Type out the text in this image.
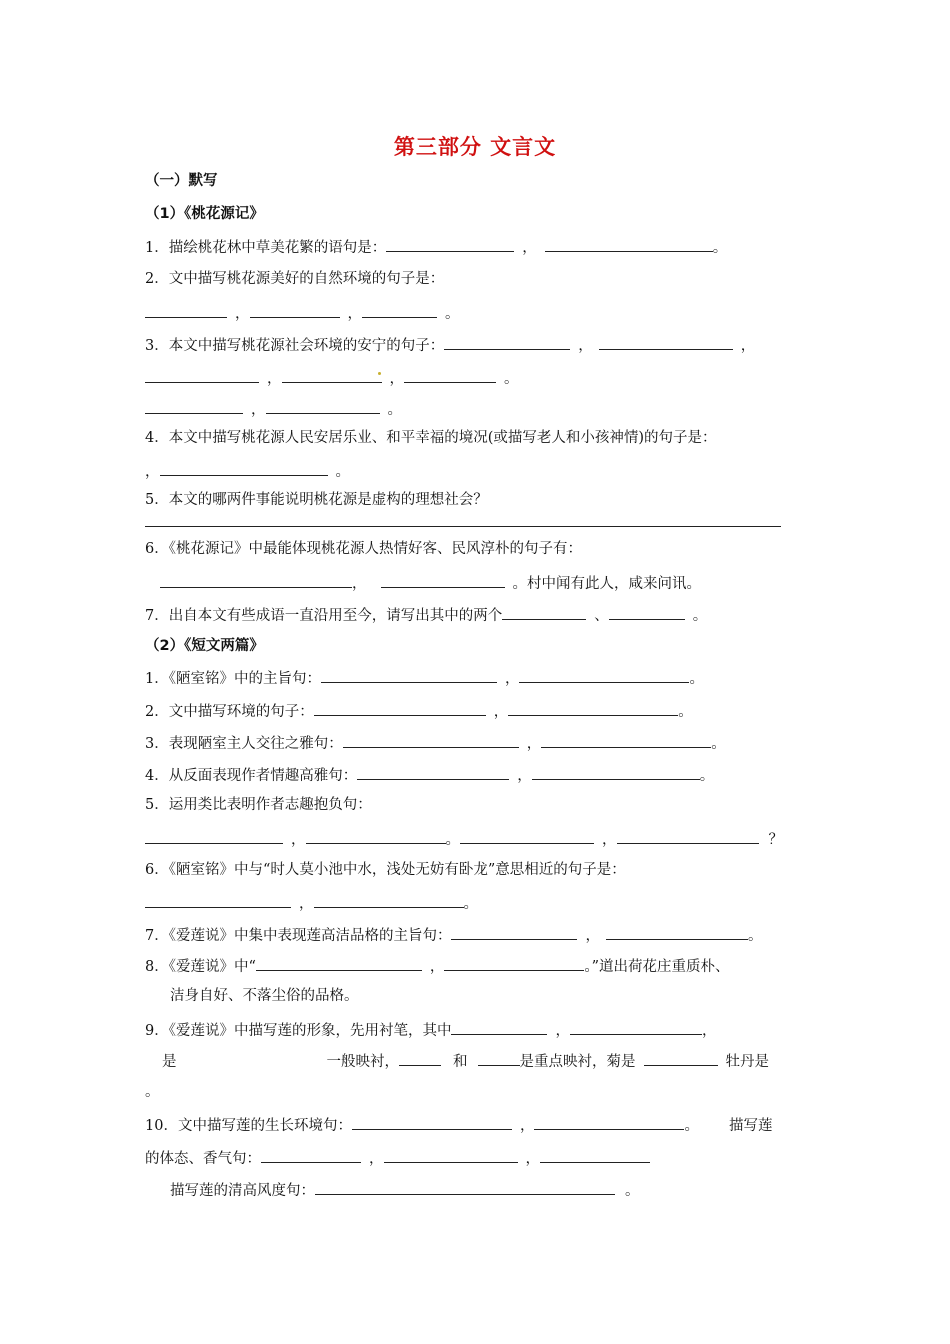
第三部分 文言文
（一）默写
（1）《桃花源记》
1．描绘桃花林中草美花繁的语句是：	，	。
2．文中描写桃花源美好的自然环境的句子是：
，	，	。
3．本文中描写桃花源社会环境的安宁的句子：	，	，
，	，	。
，	。
4．本文中描写桃花源人民安居乐业、和平幸福的境况(或描写老人和小孩神情)的句子是：
，	。
5．本文的哪两件事能说明桃花源是虚构的理想社会？
6．《桃花源记》中最能体现桃花源人热情好客、民风淳朴的句子有：
，	。村中闻有此人，咸来问讯。
7．出自本文有些成语一直沿用至今，请写出其中的两个	、	。
（2）《短文两篇》
1．《陋室铭》中的主旨句：	，	。
2．文中描写环境的句子：	，	。
3．表现陋室主人交往之雅句：	，	。
4．从反面表现作者情趣高雅句：	，	。
5．运用类比表明作者志趣抱负句：
，	。	，	？
6．《陋室铭》中与“时人莫小池中水，浅处无妨有卧龙”意思相近的句子是：
，	。
7．《爱莲说》中集中表现莲高洁品格的主旨句：	，	。
8．《爱莲说》中“	，	。”道出荷花庄重质朴、
洁身自好、不落尘俗的品格。
9．《爱莲说》中描写莲的形象，先用衬笔，其中	，	，
是	一般映衬，	和	是重点映衬，菊是	牡丹是
。
10．文中描写莲的生长环境句：	，	。 描写莲
的体态、香气句：	，	，
描写莲的清高风度句：	。
